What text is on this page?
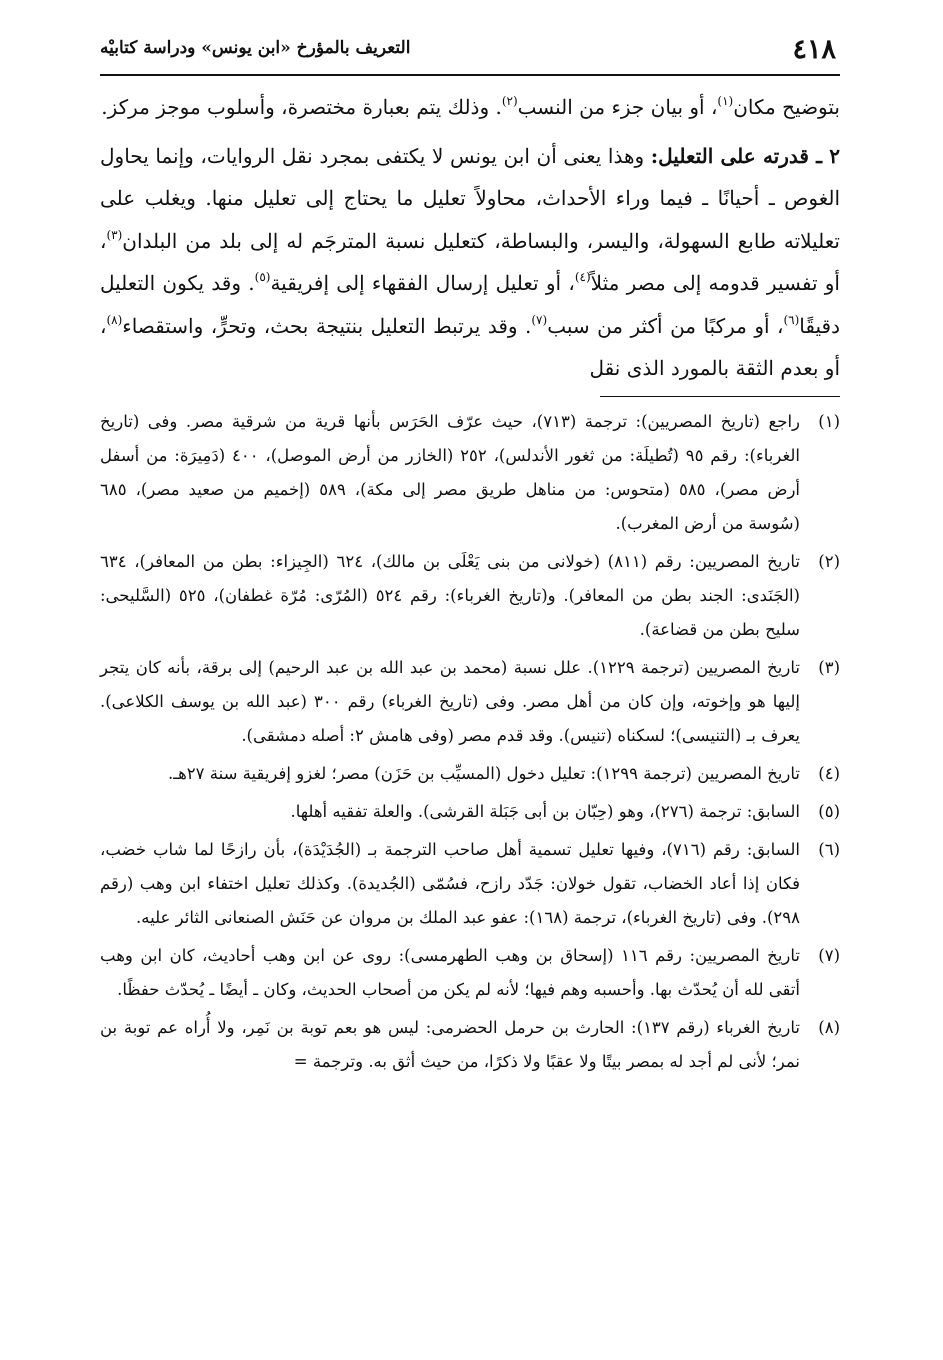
٤١٨
التعريف بالمؤرخ «ابن يونس» ودراسة كتابيْه

بتوضيح مكان$^{(١)}$، أو بيان جزء من النسب$^{(٢)}$. وذلك يتم بعبارة مختصرة، وأسلوب موجز مركز.

٢ ـ قدرته على التعليل: وهذا يعنى أن ابن يونس لا يكتفى بمجرد نقل الروايات، وإنما يحاول الغوص ـ أحيانًا ـ فيما وراء الأحداث، محاولاً تعليل ما يحتاج إلى تعليل منها. ويغلب على تعليلاته طابع السهولة، واليسر، والبساطة، كتعليل نسبة المترجَم له إلى بلد من البلدان$^{(٣)}$، أو تفسير قدومه إلى مصر مثلاً$^{(٤)}$، أو تعليل إرسال الفقهاء إلى إفريقية$^{(٥)}$. وقد يكون التعليل دقيقًا$^{(٦)}$، أو مركبًا من أكثر من سبب$^{(٧)}$. وقد يرتبط التعليل بنتيجة بحث، وتحرٍّ، واستقصاء$^{(٨)}$، أو بعدم الثقة بالمورد الذى نقل

(١)
راجع (تاريخ المصريين): ترجمة (٧١٣)، حيث عرّف الحَرَس بأنها قرية من شرقية مصر. وفى (تاريخ الغرباء): رقم ٩٥ (تُطيلَة: من ثغور الأندلس)، ٢٥٢ (الخازر من أرض الموصل)، ٤٠٠ (دَمِيرَة: من أسفل أرض مصر)، ٥٨٥ (متحوس: من مناهل طريق مصر إلى مكة)، ٥٨٩ (إخميم من صعيد مصر)، ٦٨٥ (سُوسة من أرض المغرب).
(٢)
تاريخ المصريين: رقم (٨١١) (خولانى من بنى يَعْلَى بن مالك)، ٦٢٤ (الجِيزاء: بطن من المعافر)، ٦٣٤ (الجَنَدى: الجند بطن من المعافر). و(تاريخ الغرباء): رقم ٥٢٤ (المُرّى: مُرّة غطفان)، ٥٢٥ (السَّليحى: سليح بطن من قضاعة).
(٣)
تاريخ المصريين (ترجمة ١٢٢٩). علل نسبة (محمد بن عبد الله بن عبد الرحيم) إلى برقة، بأنه كان يتجر إليها هو وإخوته، وإن كان من أهل مصر. وفى (تاريخ الغرباء) رقم ٣٠٠ (عبد الله بن يوسف الكلاعى). يعرف بـ (التنيسى)؛ لسكناه (تنيس). وقد قدم مصر (وفى هامش ٢: أصله دمشقى).
(٤)
تاريخ المصريين (ترجمة ١٢٩٩): تعليل دخول (المسيِّب بن حَزَن) مصر؛ لغزو إفريقية سنة ٢٧هـ.
(٥)
السابق: ترجمة (٢٧٦)، وهو (حِبّان بن أبى جَبَلة القرشى). والعلة تفقيه أهلها.
(٦)
السابق: رقم (٧١٦)، وفيها تعليل تسمية أهل صاحب الترجمة بـ (الجُدَيْدَة)، بأن رازحًا لما شاب خضب، فكان إذا أعاد الخضاب، تقول خولان: جَدّد رازح، فسُمّى (الجُديدة). وكذلك تعليل اختفاء ابن وهب (رقم ٢٩٨). وفى (تاريخ الغرباء)، ترجمة (١٦٨): عفو عبد الملك بن مروان عن حَنَش الصنعانى الثائر عليه.
(٧)
تاريخ المصريين: رقم ١١٦ (إسحاق بن وهب الطهرمسى): روى عن ابن وهب أحاديث، كان ابن وهب أتقى لله أن يُحدّث بها. وأحسبه وهم فيها؛ لأنه لم يكن من أصحاب الحديث، وكان ـ أيضًا ـ يُحدّث حفظًا.
(٨)
تاريخ الغرباء (رقم ١٣٧): الحارث بن حرمل الحضرمى: ليس هو بعم توبة بن نَمِر، ولا أُراه عم توبة بن نمر؛ لأنى لم أجد له بمصر بيتًا ولا عقبًا ولا ذكرًا، من حيث أثق به. وترجمة =
